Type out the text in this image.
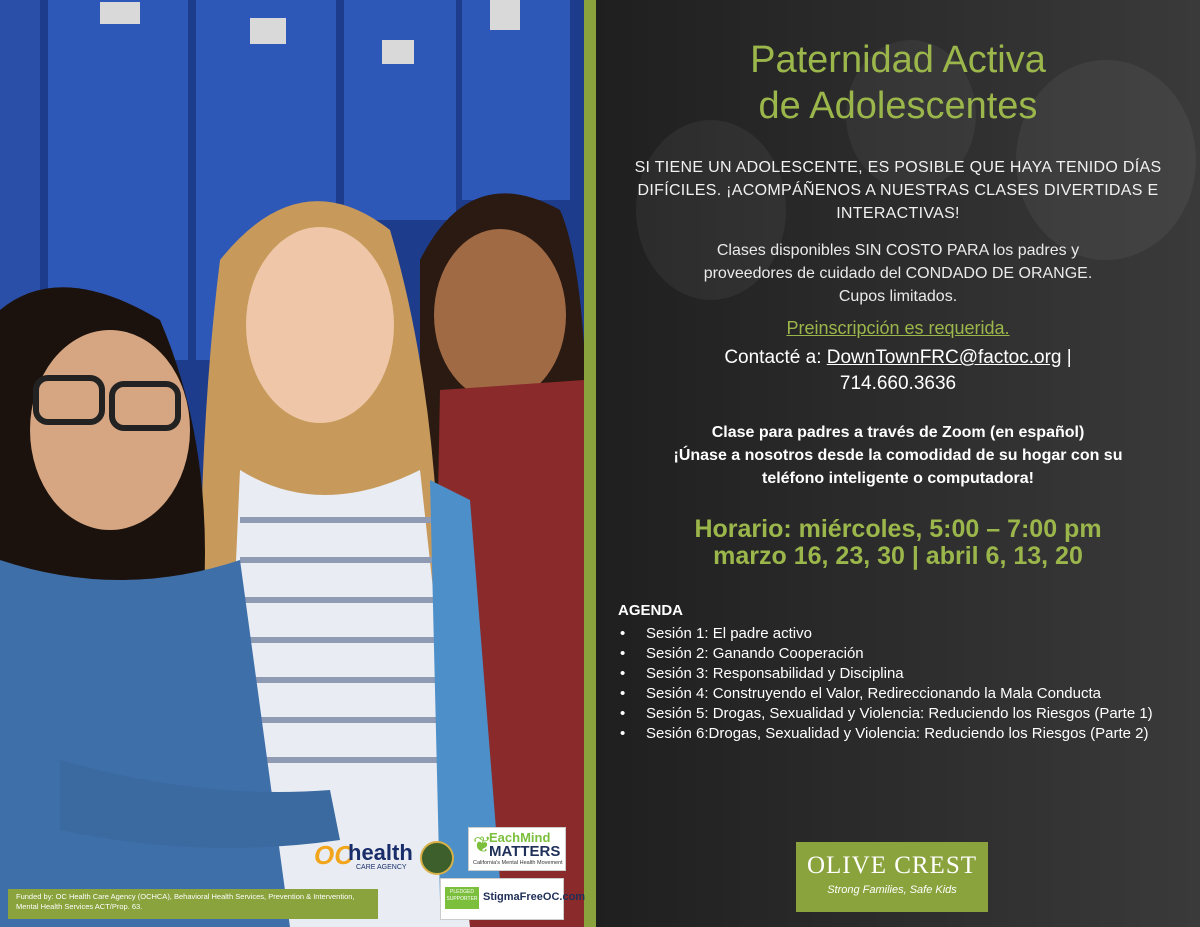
Paternidad Activa
de Adolescentes
SI TIENE UN ADOLESCENTE, ES POSIBLE QUE HAYA TENIDO DÍAS DIFÍCILES. ¡ACOMPÁÑENOS A NUESTRAS CLASES DIVERTIDAS E INTERACTIVAS!
Clases disponibles SIN COSTO PARA los padres y
proveedores de cuidado del CONDADO DE ORANGE.
Cupos limitados.
Preinscripción es requerida.
Contacté a: DownTownFRC@factoc.org |
714.660.3636
Clase para padres a través de Zoom (en español)
¡Únase a nosotros desde la comodidad de su hogar con su
teléfono inteligente o computadora!
Horario: miércoles, 5:00 – 7:00 pm
marzo 16, 23, 30 | abril 6, 13, 20
AGENDA
• Sesión 1: El padre activo
• Sesión 2: Ganando Cooperación
• Sesión 3: Responsabilidad y Disciplina
• Sesión 4: Construyendo el Valor, Redireccionando la Mala Conducta
• Sesión 5: Drogas, Sexualidad y Violencia: Reduciendo los Riesgos (Parte 1)
• Sesión 6:Drogas, Sexualidad y Violencia: Reduciendo los Riesgos (Parte 2)
OLIVE CREST
Strong Families, Safe Kids
OC
health
CARE AGENCY
❦
EachMind
MATTERS
California's Mental Health Movement
PLEDGED SUPPORTER StigmaFreeOC.com
Funded by: OC Health Care Agency (OCHCA), Behavioral Health Services, Prevention & Intervention, Mental Health Services ACT/Prop. 63.
